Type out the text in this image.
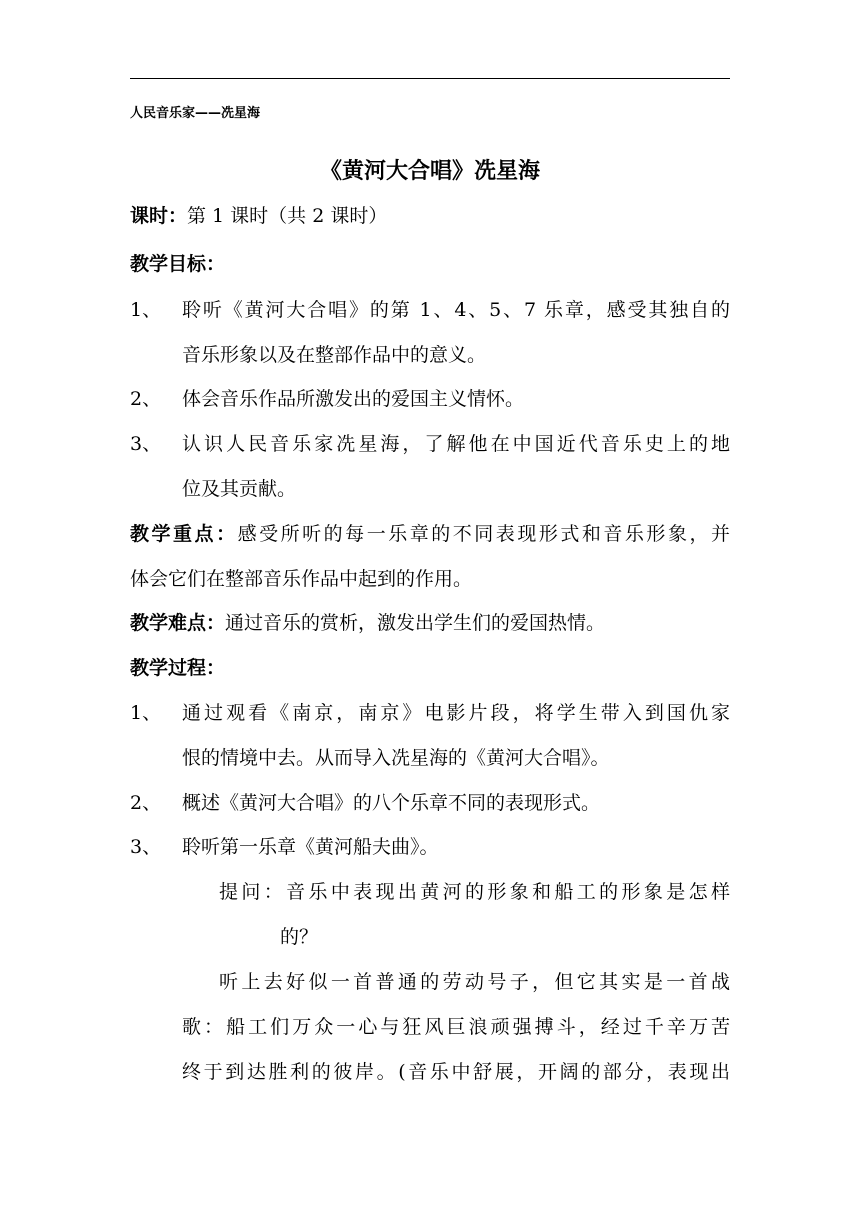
人民音乐家——冼星海
《黄河大合唱》冼星海
课时：第 1 课时（共 2 课时）
教学目标：
1、 聆听《黄河大合唱》的第 1、4、5、7 乐章，感受其独自的
音乐形象以及在整部作品中的意义。
2、 体会音乐作品所激发出的爱国主义情怀。
3、 认识人民音乐家冼星海，了解他在中国近代音乐史上的地
位及其贡献。
教学重点：感受所听的每一乐章的不同表现形式和音乐形象，并
体会它们在整部音乐作品中起到的作用。
教学难点：通过音乐的赏析，激发出学生们的爱国热情。
教学过程：
1、 通过观看《南京，南京》电影片段，将学生带入到国仇家
恨的情境中去。从而导入冼星海的《黄河大合唱》。
2、 概述《黄河大合唱》的八个乐章不同的表现形式。
3、 聆听第一乐章《黄河船夫曲》。
提问：音乐中表现出黄河的形象和船工的形象是怎样
的？
听上去好似一首普通的劳动号子，但它其实是一首战
歌：船工们万众一心与狂风巨浪顽强搏斗，经过千辛万苦
终于到达胜利的彼岸。(音乐中舒展，开阔的部分，表现出
